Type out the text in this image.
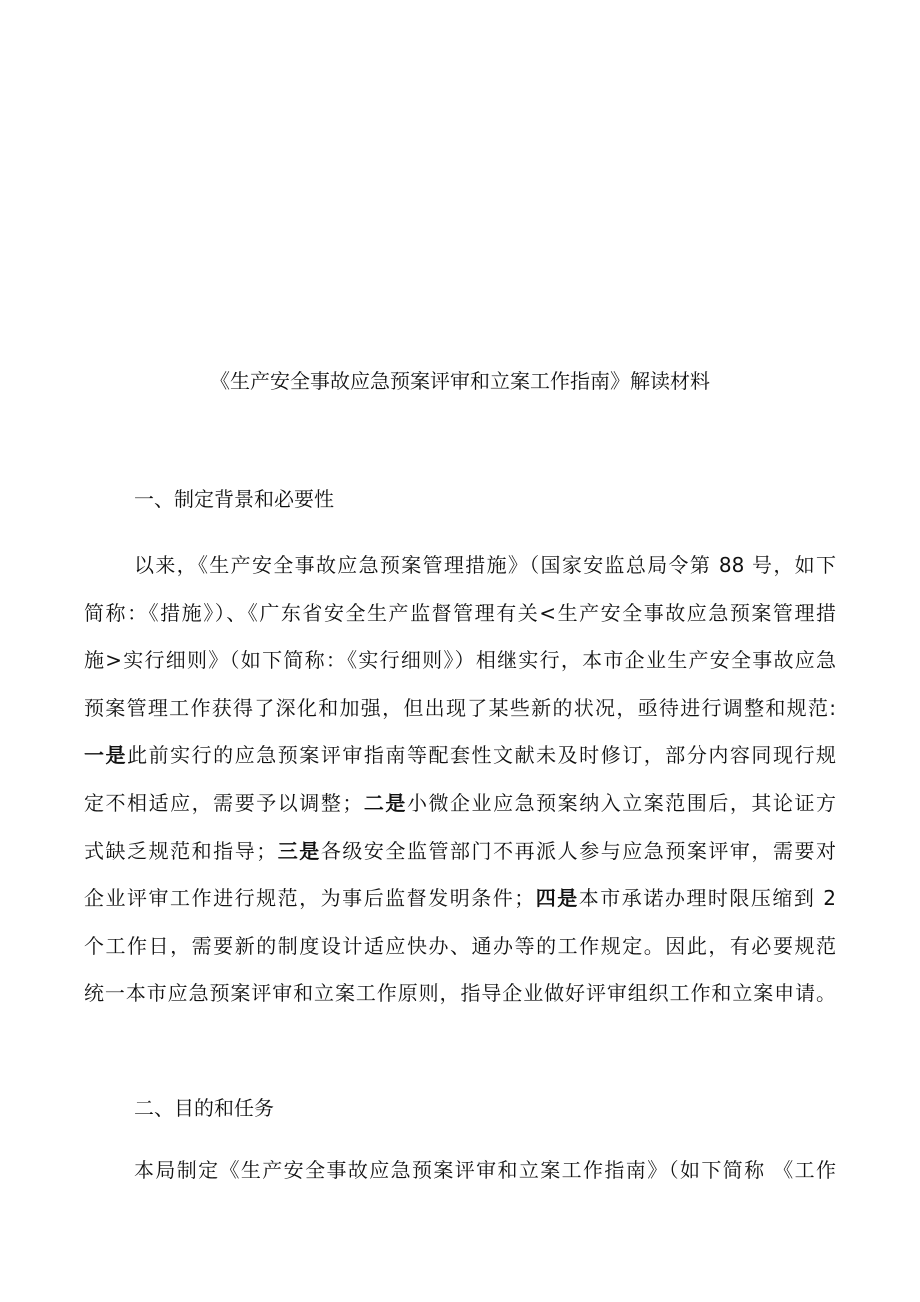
《生产安全事故应急预案评审和立案工作指南》解读材料
一、制定背景和必要性
以来，《生产安全事故应急预案管理措施》（国家安监总局令第 88 号，如下
简称：《措施》）、《广东省安全生产监督管理有关<生产安全事故应急预案管理措
施>实行细则》（如下简称：《实行细则》）相继实行，本市企业生产安全事故应急
预案管理工作获得了深化和加强，但出现了某些新的状况，亟待进行调整和规范:
一是此前实行的应急预案评审指南等配套性文献未及时修订，部分内容同现行规
定不相适应，需要予以调整；二是小微企业应急预案纳入立案范围后，其论证方
式缺乏规范和指导；三是各级安全监管部门不再派人参与应急预案评审，需要对
企业评审工作进行规范，为事后监督发明条件；四是本市承诺办理时限压缩到 2
个工作日，需要新的制度设计适应快办、通办等的工作规定。因此，有必要规范
统一本市应急预案评审和立案工作原则，指导企业做好评审组织工作和立案申请。
二、目的和任务
本局制定《生产安全事故应急预案评审和立案工作指南》（如下简称 《工作
